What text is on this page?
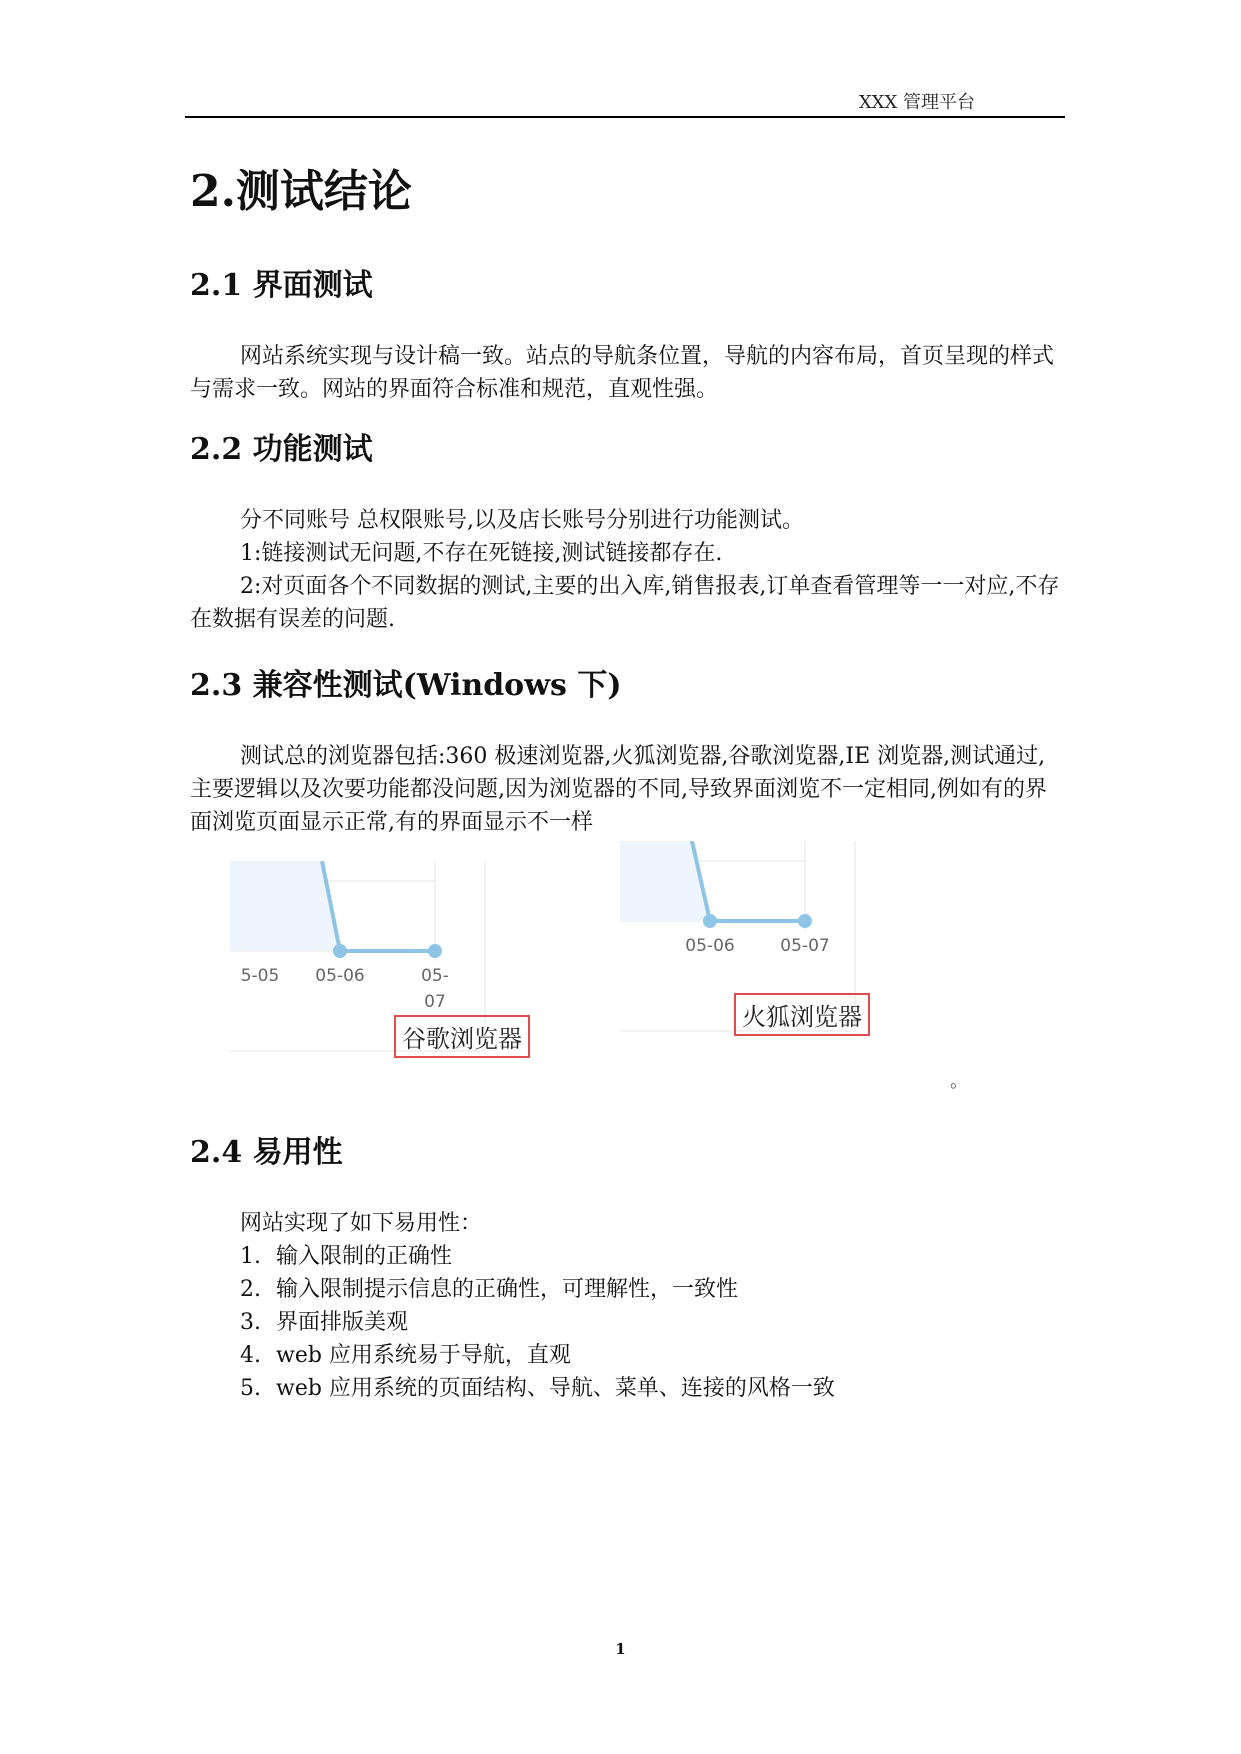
XXX 管理平台
2.测试结论
2.1 界面测试

网站系统实现与设计稿一致。站点的导航条位置，导航的内容布局，首页呈现的样式与需求一致。网站的界面符合标准和规范，直观性强。

2.2 功能测试

分不同账号 总权限账号,以及店长账号分别进行功能测试。

1:链接测试无问题,不存在死链接,测试链接都存在.

2:对页面各个不同数据的测试,主要的出入库,销售报表,订单查看管理等一一对应,不存在数据有误差的问题.

2.3 兼容性测试(Windows 下)

测试总的浏览器包括:360 极速浏览器,火狐浏览器,谷歌浏览器,IE 浏览器,测试通过,主要逻辑以及次要功能都没问题,因为浏览器的不同,导致界面浏览不一定相同,例如有的界面浏览页面显示正常,有的界面显示不一样

5-05 05-06	05-
07
谷歌浏览器
05-06	05-07
火狐浏览器
。
2.4 易用性

网站实现了如下易用性：

1. 输入限制的正确性
2. 输入限制提示信息的正确性，可理解性，一致性
3. 界面排版美观
4. web 应用系统易于导航，直观
5. web 应用系统的页面结构、导航、菜单、连接的风格一致
1
